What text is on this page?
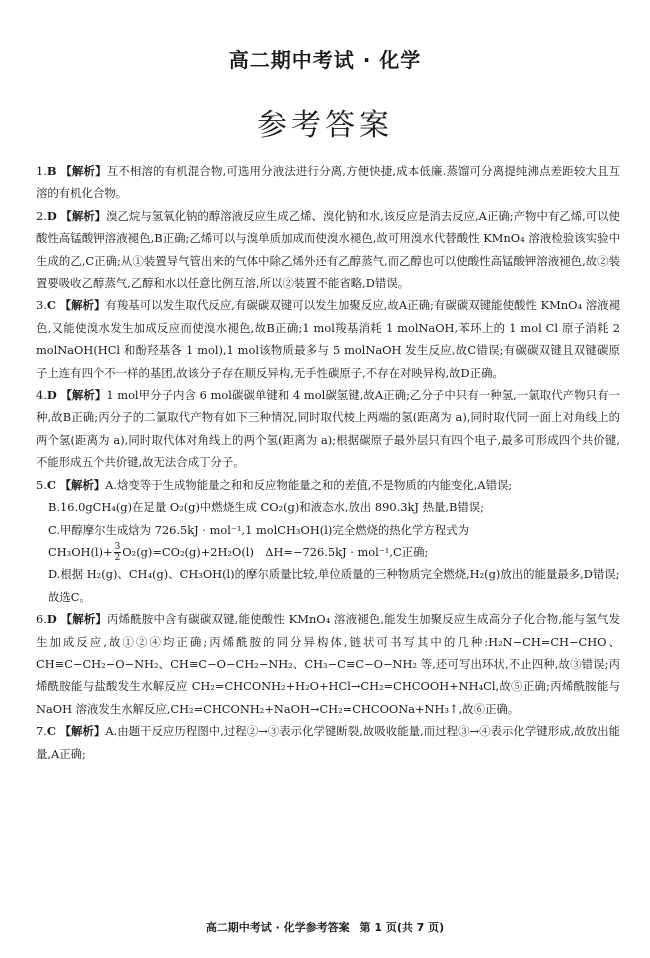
高二期中考试 · 化学
参考答案

1.B 【解析】互不相溶的有机混合物,可选用分液法进行分离,方便快捷,成本低廉.蒸馏可分离提纯沸点差距较大且互溶的有机化合物。

2.D 【解析】溴乙烷与氢氧化钠的醇溶液反应生成乙烯、溴化钠和水,该反应是消去反应,A正确;产物中有乙烯,可以使酸性高锰酸钾溶液褪色,B正确;乙烯可以与溴单质加成而使溴水褪色,故可用溴水代替酸性 KMnO₄ 溶液检验该实验中生成的乙,C正确;从①装置导气管出来的气体中除乙烯外还有乙醇蒸气,而乙醇也可以使酸性高锰酸钾溶液褪色,故②装置要吸收乙醇蒸气,乙醇和水以任意比例互溶,所以②装置不能省略,D错误。

3.C 【解析】有羧基可以发生取代反应,有碳碳双键可以发生加聚反应,故A正确;有碳碳双键能使酸性 KMnO₄ 溶液褪色,又能使溴水发生加成反应而使溴水褪色,故B正确;1 mol羧基消耗 1 molNaOH,苯环上的 1 mol Cl 原子消耗 2 molNaOH(HCl 和酚羟基各 1 mol),1 mol该物质最多与 5 molNaOH 发生反应,故C错误;有碳碳双键且双键碳原子上连有四个不一样的基团,故该分子存在顺反异构,无手性碳原子,不存在对映异构,故D正确。

4.D 【解析】1 mol甲分子内含 6 mol碳碳单键和 4 mol碳氢键,故A正确;乙分子中只有一种氢,一氯取代产物只有一种,故B正确;丙分子的二氯取代产物有如下三种情况,同时取代棱上两端的氢(距离为 a),同时取代同一面上对角线上的两个氢(距离为 a),同时取代体对角线上的两个氢(距离为 a);根据碳原子最外层只有四个电子,最多可形成四个共价键,不能形成五个共价键,故无法合成丁分子。

5.C 【解析】A.焓变等于生成物能量之和和反应物能量之和的差值,不是物质的内能变化,A错误;

B.16.0gCH₄(g)在足量 O₂(g)中燃烧生成 CO₂(g)和液态水,放出 890.3kJ 热量,B错误;

C.甲醇摩尔生成焓为 726.5kJ · mol⁻¹,1 molCH₃OH(l)完全燃烧的热化学方程式为

$CH_3OH(l)+ \frac{3}{2} O_2(g)=CO_2(g)+2H_2O(l)$　ΔH=−726.5kJ · mol⁻¹,C正确;

D.根据 H₂(g)、CH₄(g)、CH₃OH(l)的摩尔质量比较,单位质量的三种物质完全燃烧,H₂(g)放出的能量最多,D错误;

故选C。

6.D 【解析】丙烯酰胺中含有碳碳双键,能使酸性 KMnO₄ 溶液褪色,能发生加聚反应生成高分子化合物,能与氢气发生加成反应,故①②④均正确;丙烯酰胺的同分异构体,链状可书写其中的几种:H₂N−CH=CH−CHO、CH≡C−CH₂−O−NH₂、CH≡C−O−CH₂−NH₂、CH₃−C≡C−O−NH₂ 等,还可写出环状,不止四种,故③错误;丙烯酰胺能与盐酸发生水解反应 CH₂=CHCONH₂+H₂O+HCl→CH₂=CHCOOH+NH₄Cl,故⑤正确;丙烯酰胺能与 NaOH 溶液发生水解反应,CH₂=CHCONH₂+NaOH→CH₂=CHCOONa+NH₃↑,故⑥正确。

7.C 【解析】A.由题干反应历程图中,过程②→③表示化学键断裂,故吸收能量,而过程③→④表示化学键形成,故放出能量,A正确;

高二期中考试 · 化学参考答案 第 1 页(共 7 页)
